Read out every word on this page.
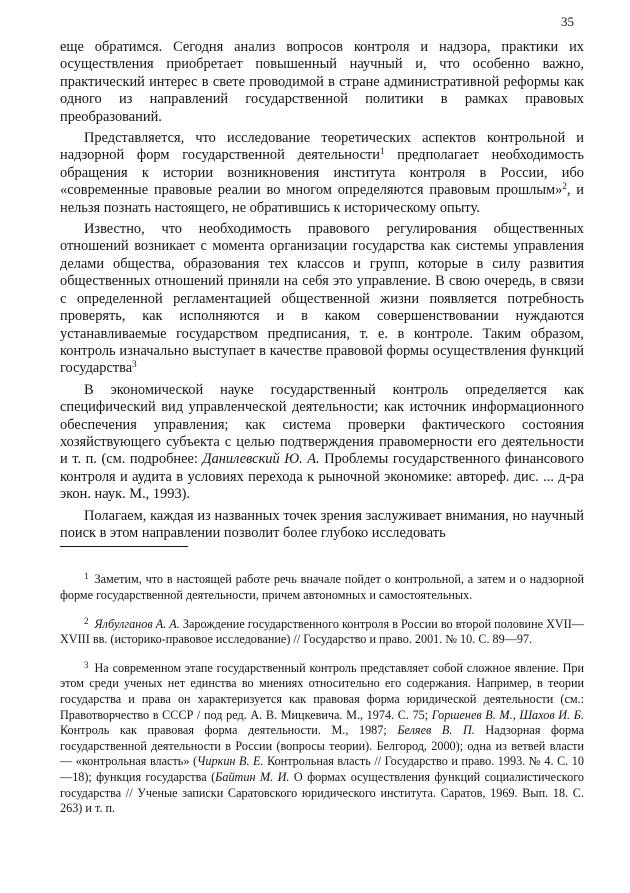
35

еще обратимся. Сегодня анализ вопросов контроля и надзора, практики их осуществления приобретает повышенный научный и, что особенно важно, практический интерес в свете проводимой в стране административной реформы как одного из направлений государственной политики в рамках правовых преобразований.

Представляется, что исследование теоретических аспектов контрольной и надзорной форм государственной деятельности$^1$ предполагает необходимость обращения к истории возникновения института контроля в России, ибо «современные правовые реалии во многом определяются правовым прошлым»$^2$, и нельзя познать настоящего, не обратившись к историческому опыту.

Известно, что необходимость правового регулирования общественных отношений возникает с момента организации государства как системы управления делами общества, образования тех классов и групп, которые в силу развития общественных отношений приняли на себя это управление. В свою очередь, в связи с определенной регламентацией общественной жизни появляется потребность проверять, как исполняются и в каком совершенствовании нуждаются устанавливаемые государством предписания, т. е. в контроле. Таким образом, контроль изначально выступает в качестве правовой формы осуществления функций государства$^3$

В экономической науке государственный контроль определяется как специфический вид управленческой деятельности; как источник информационного обеспечения управления; как система проверки фактического состояния хозяйствующего субъекта с целью подтверждения правомерности его деятельности и т. п. (см. подробнее: Данилевский Ю. А. Проблемы государственного финансового контроля и аудита в условиях перехода к рыночной экономике: автореф. дис. ... д-ра экон. наук. М., 1993).

Полагаем, каждая из названных точек зрения заслуживает внимания, но научный поиск в этом направлении позволит более глубоко исследовать

$^1$ Заметим, что в настоящей работе речь вначале пойдет о контрольной, а затем и о надзорной форме государственной деятельности, причем автономных и самостоятельных.

$^2$ Ялбулганов А. А. Зарождение государственного контроля в России во второй половине XVII—XVIII вв. (историко-правовое исследование) // Государство и право. 2001. № 10. С. 89—97.

$^3$ На современном этапе государственный контроль представляет собой сложное явление. При этом среди ученых нет единства во мнениях относительно его содержания. Например, в теории государства и права он характеризуется как правовая форма юридической деятельности (см.: Правотворчество в СССР / под ред. А. В. Мицкевича. М., 1974. С. 75; Горшенев В. М., Шахов И. Б. Контроль как правовая форма деятельности. М., 1987; Беляев В. П. Надзорная форма государственной деятельности в России (вопросы теории). Белгород, 2000); одна из ветвей власти — «контрольная власть» (Чиркин В. Е. Контрольная власть // Государство и право. 1993. № 4. С. 10—18); функция государства (Байтин М. И. О формах осуществления функций социалистического государства // Ученые записки Саратовского юридического института. Саратов, 1969. Вып. 18. С. 263) и т. п.
